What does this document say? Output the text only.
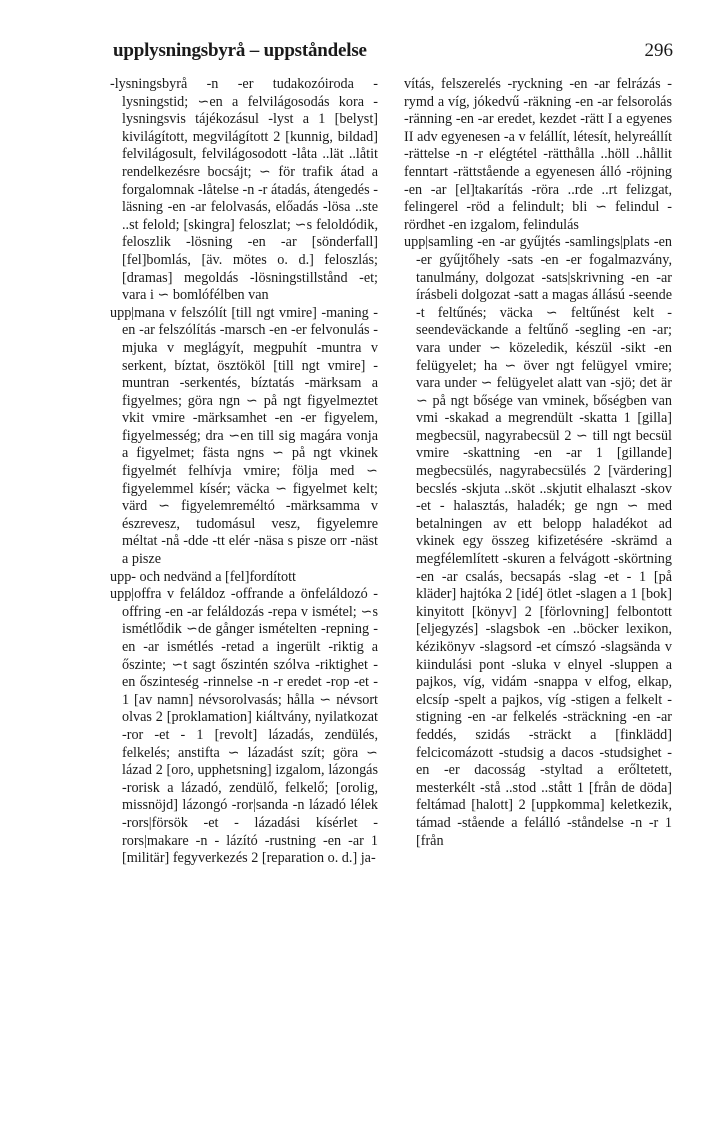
upplysningsbyrå – uppståndelse	296

-lysningsbyrå -n -er tudakozóiroda -lysningstid; ∽en a felvilágosodás kora -lysningsvis tájékozásul -lyst a 1 [belyst] kivilágított, megvilágított 2 [kunnig, bildad] felvilágosult, felvilágosodott -låta ..lät ..låtit rendelkezésre bocsájt; ∽ för trafik átad a forgalomnak -låtelse -n -r átadás, átengedés -läsning -en -ar felolvasás, előadás -lösa ..ste ..st felold; [skingra] feloszlat; ∽s feloldódik, feloszlik -lösning -en -ar [sönderfall] [fel]bomlás, [äv. mötes o. d.] feloszlás; [dramas] megoldás -lösningstillstånd -et; vara i ∽ bomlófélben van

upp|mana v felszólít [till ngt vmire] -maning -en -ar felszólítás -marsch -en -er felvonulás -mjuka v meglágyít, megpuhít -muntra v serkent, bíztat, ösztököl [till ngt vmire] -muntran -serkentés, bíztatás -märksam a figyelmes; göra ngn ∽ på ngt figyelmeztet vkit vmire -märksamhet -en -er figyelem, figyelmesség; dra ∽en till sig magára vonja a figyelmet; fästa ngns ∽ på ngt vkinek figyelmét felhívja vmire; följa med ∽ figyelemmel kísér; väcka ∽ figyelmet kelt; värd ∽ figyelemreméltó -märksamma v észrevesz, tudomásul vesz, figyelemre méltat -nå -dde -tt elér -näsa s pisze orr -näst a pisze

upp- och nedvänd a [fel]fordított

upp|offra v feláldoz -offrande a önfeláldozó -offring -en -ar feláldozás -repa v ismétel; ∽s ismétlődik ∽de gånger ismételten -repning -en -ar ismétlés -retad a ingerült -riktig a őszinte; ∽t sagt őszintén szólva -riktighet -en őszinteség -rinnelse -n -r eredet -rop -et - 1 [av namn] névsorolvasás; hålla ∽ névsort olvas 2 [proklamation] kiáltvány, nyilatkozat -ror -et - 1 [revolt] lázadás, zendülés, felkelés; anstifta ∽ lázadást szít; göra ∽ lázad 2 [oro, upphetsning] izgalom, lázongás -rorisk a lázadó, zendülő, felkelő; [orolig, missnöjd] lázongó -ror|sanda -n lázadó lélek -rors|försök -et - lázadási kísérlet -rors|makare -n - lázító -rustning -en -ar 1 [militär] fegyverkezés 2 [reparation o. d.] ja-

vítás, felszerelés -ryckning -en -ar felrázás -rymd a víg, jókedvű -räkning -en -ar felsorolás -ränning -en -ar eredet, kezdet -rätt I a egyenes II adv egyenesen -a v felállít, létesít, helyreállít -rättelse -n -r elégtétel -rätthålla ..höll ..hållit fenntart -rättstående a egyenesen álló -röjning -en -ar [el]takarítás -röra ..rde ..rt felizgat, felingerel -röd a felindult; bli ∽ felindul -rördhet -en izgalom, felindulás

upp|samling -en -ar gyűjtés -samlings|plats -en -er gyűjtőhely -sats -en -er fogalmazvány, tanulmány, dolgozat -sats|skrivning -en -ar írásbeli dolgozat -satt a magas állású -seende -t feltűnés; väcka ∽ feltűnést kelt -seendeväckande a feltűnő -segling -en -ar; vara under ∽ közeledik, készül -sikt -en felügyelet; ha ∽ över ngt felügyel vmire; vara under ∽ felügyelet alatt van -sjö; det är ∽ på ngt bősége van vminek, bőségben van vmi -skakad a megrendült -skatta 1 [gilla] megbecsül, nagyrabecsül 2 ∽ till ngt becsül vmire -skattning -en -ar 1 [gillande] megbecsülés, nagyrabecsülés 2 [värdering] becslés -skjuta ..sköt ..skjutit elhalaszt -skov -et - halasztás, haladék; ge ngn ∽ med betalningen av ett belopp haladékot ad vkinek egy összeg kifizetésére -skrämd a megfélemlített -skuren a felvágott -skörtning -en -ar csalás, becsapás -slag -et - 1 [på kläder] hajtóka 2 [idé] ötlet -slagen a 1 [bok] kinyitott [könyv] 2 [förlovning] felbontott [eljegyzés] -slagsbok -en ..böcker lexikon, kézikönyv -slagsord -et címszó -slagsända v kiindulási pont -sluka v elnyel -sluppen a pajkos, víg, vidám -snappa v elfog, elkap, elcsíp -spelt a pajkos, víg -stigen a felkelt -stigning -en -ar felkelés -sträckning -en -ar feddés, szidás -sträckt a [finklädd] felcicomázott -studsig a dacos -studsighet -en -er dacosság -styltad a erőltetett, mesterkélt -stå ..stod ..stått 1 [från de döda] feltámad [halott] 2 [uppkomma] keletkezik, támad -stående a felálló -ståndelse -n -r 1 [från
